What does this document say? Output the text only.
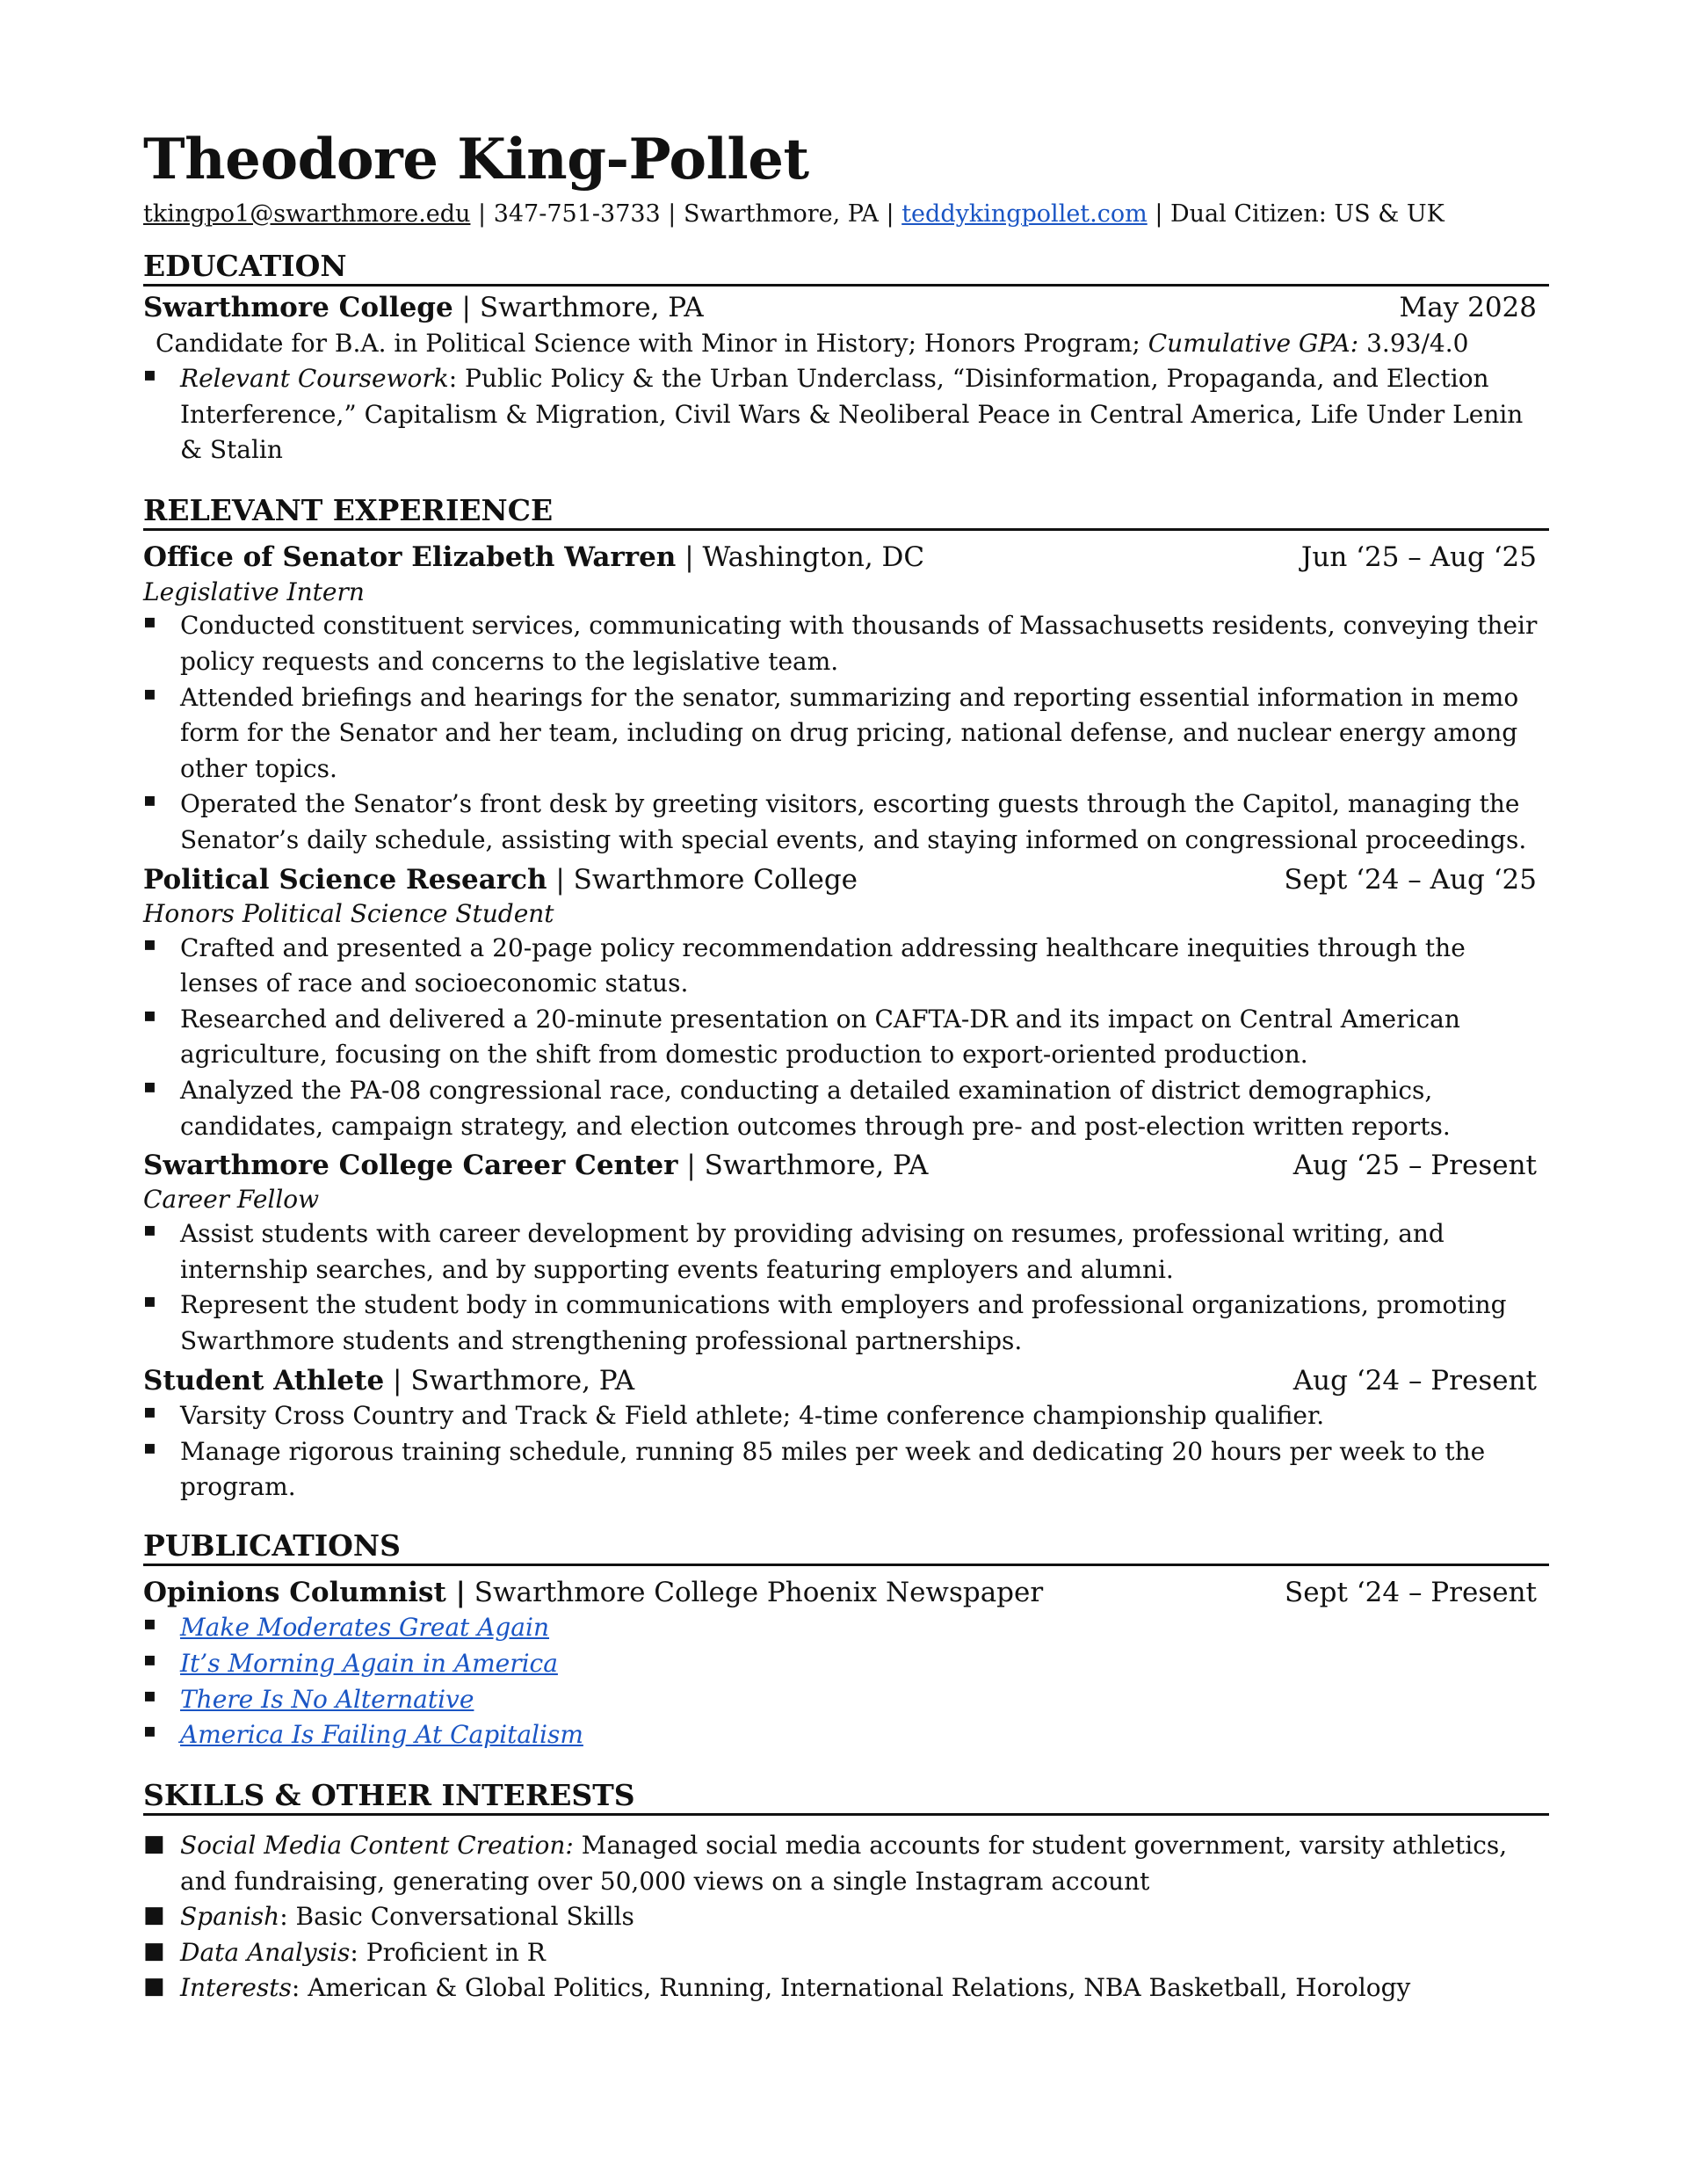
Theodore King-Pollet
tkingpo1@swarthmore.edu | 347-751-3733 | Swarthmore, PA | teddykingpollet.com | Dual Citizen: US & UK
EDUCATION
Swarthmore College | Swarthmore, PA	May 2028
Candidate for B.A. in Political Science with Minor in History; Honors Program; Cumulative GPA: 3.93/4.0
▪ Relevant Coursework: Public Policy & the Urban Underclass, “Disinformation, Propaganda, and Election Interference,” Capitalism & Migration, Civil Wars & Neoliberal Peace in Central America, Life Under Lenin & Stalin
RELEVANT EXPERIENCE
Office of Senator Elizabeth Warren | Washington, DC	Jun ‘25 – Aug ‘25
Legislative Intern
▪ Conducted constituent services, communicating with thousands of Massachusetts residents, conveying their policy requests and concerns to the legislative team.
▪ Attended briefings and hearings for the senator, summarizing and reporting essential information in memo form for the Senator and her team, including on drug pricing, national defense, and nuclear energy among other topics.
▪ Operated the Senator’s front desk by greeting visitors, escorting guests through the Capitol, managing the Senator’s daily schedule, assisting with special events, and staying informed on congressional proceedings.
Political Science Research | Swarthmore College	Sept ‘24 – Aug ‘25
Honors Political Science Student
▪ Crafted and presented a 20-page policy recommendation addressing healthcare inequities through the lenses of race and socioeconomic status.
▪ Researched and delivered a 20-minute presentation on CAFTA-DR and its impact on Central American agriculture, focusing on the shift from domestic production to export-oriented production.
▪ Analyzed the PA-08 congressional race, conducting a detailed examination of district demographics, candidates, campaign strategy, and election outcomes through pre- and post-election written reports.
Swarthmore College Career Center | Swarthmore, PA	Aug ‘25 – Present
Career Fellow
▪ Assist students with career development by providing advising on resumes, professional writing, and internship searches, and by supporting events featuring employers and alumni.
▪ Represent the student body in communications with employers and professional organizations, promoting Swarthmore students and strengthening professional partnerships.
Student Athlete | Swarthmore, PA	Aug ‘24 – Present
▪ Varsity Cross Country and Track & Field athlete; 4-time conference championship qualifier.
▪ Manage rigorous training schedule, running 85 miles per week and dedicating 20 hours per week to the program.
PUBLICATIONS
Opinions Columnist | Swarthmore College Phoenix Newspaper	Sept ‘24 – Present
▪ Make Moderates Great Again
▪ It’s Morning Again in America
▪ There Is No Alternative
▪ America Is Failing At Capitalism
SKILLS & OTHER INTERESTS
■ Social Media Content Creation: Managed social media accounts for student government, varsity athletics, and fundraising, generating over 50,000 views on a single Instagram account
■ Spanish: Basic Conversational Skills
■ Data Analysis: Proficient in R
■ Interests: American & Global Politics, Running, International Relations, NBA Basketball, Horology
